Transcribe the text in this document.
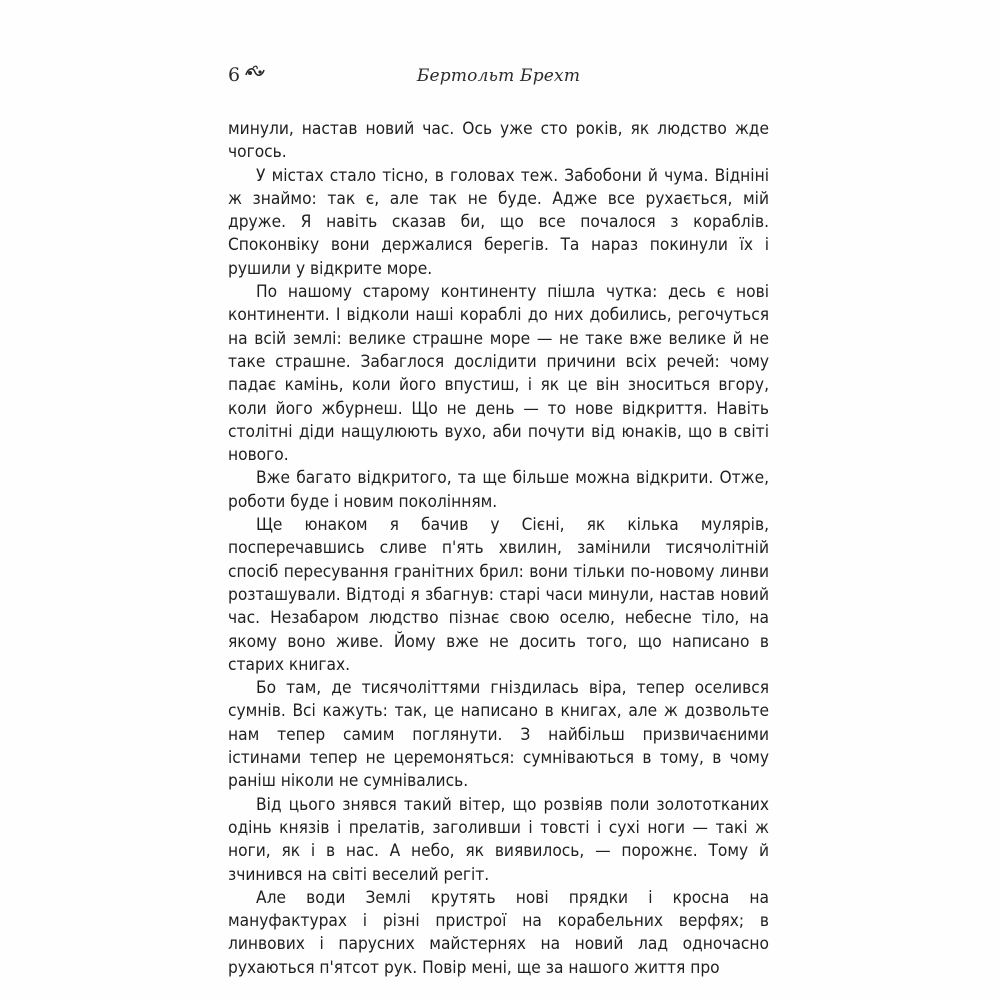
6	Бертольт Брехт

минули, настав новий час. Ось уже сто років, як людство жде чогось.

У містах стало тісно, в головах теж. Забобони й чума. Відніні ж знаймо: так є, але так не буде. Адже все рухається, мій друже. Я навіть сказав би, що все почалося з кораблів. Споконвіку вони держалися берегів. Та нараз покинули їх і рушили у відкрите море.

По нашому старому континенту пішла чутка: десь є нові континенти. І відколи наші кораблі до них добились, регочуться на всій землі: велике страшне море — не таке вже велике й не таке страшне. Забаглося дослідити причини всіх речей: чому падає камінь, коли його впустиш, і як це він зноситься вгору, коли його жбурнеш. Що не день — то нове відкриття. Навіть столітні діди нащулюють вухо, аби почути від юнаків, що в світі нового.

Вже багато відкритого, та ще більше можна відкрити. Отже, роботи буде і новим поколінням.

Ще юнаком я бачив у Сієні, як кілька мулярів, посперечавшись сливе п'ять хвилин, замінили тисячолітній спосіб пересування гранітних брил: вони тільки по-новому линви розташували. Відтоді я збагнув: старі часи минули, настав новий час. Незабаром людство пізнає свою оселю, небесне тіло, на якому воно живе. Йому вже не досить того, що написано в старих книгах.

Бо там, де тисячоліттями гніздилась віра, тепер оселився сумнів. Всі кажуть: так, це написано в книгах, але ж дозвольте нам тепер самим поглянути. З найбільш призвичаєними істинами тепер не церемоняться: сумніваються в тому, в чому раніш ніколи не сумнівались.

Від цього знявся такий вітер, що розвіяв поли золототканих одінь князів і прелатів, заголивши і товсті і сухі ноги — такі ж ноги, як і в нас. А небо, як виявилось, — порожнє. Тому й зчинився на світі веселий регіт.

Але води Землі крутять нові прядки і кросна на мануфактурах і різні пристрої на корабельних верфях; в линвових і парусних майстернях на новий лад одночасно рухаються п'ятсот рук. Повір мені, ще за нашого життя про
